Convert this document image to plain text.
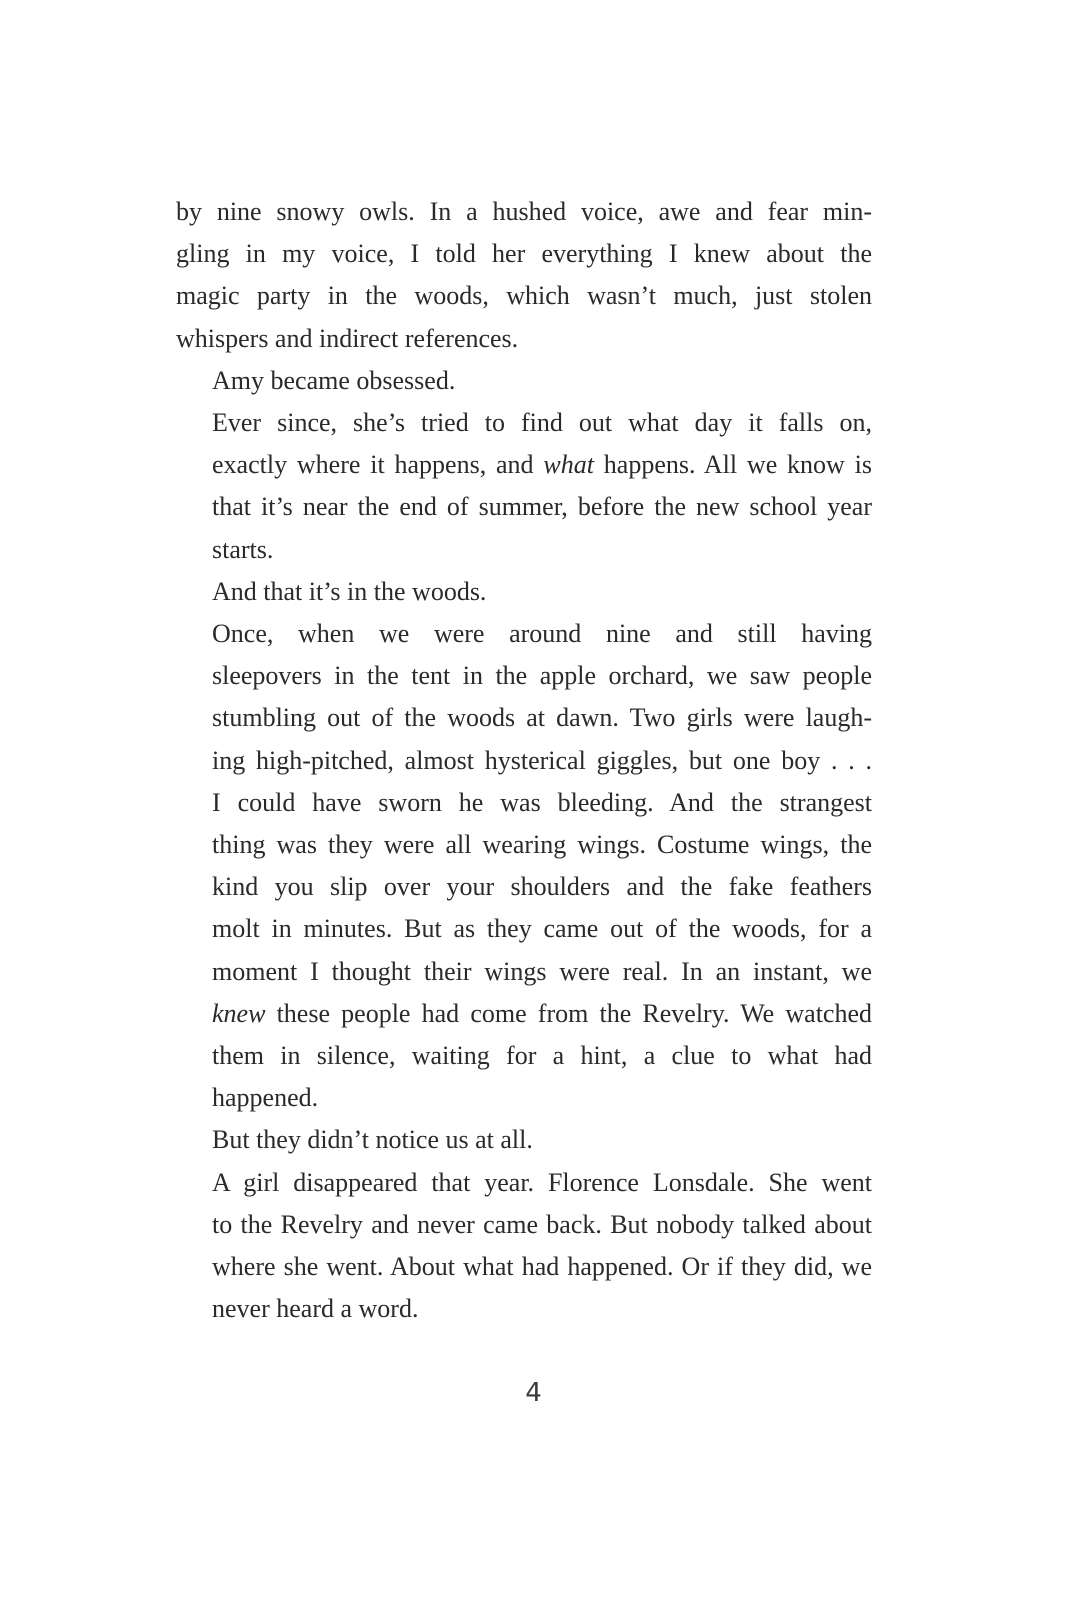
by nine snowy owls. In a hushed voice, awe and fear min-
gling in my voice, I told her everything I knew about the
magic party in the woods, which wasn’t much, just stolen
whispers and indirect references.

Amy became obsessed.

Ever since, she’s tried to find out what day it falls on,
exactly where it happens, and what happens. All we know is
that it’s near the end of summer, before the new school year
starts.

And that it’s in the woods.

Once, when we were around nine and still having
sleepovers in the tent in the apple orchard, we saw people
stumbling out of the woods at dawn. Two girls were laugh-
ing high-pitched, almost hysterical giggles, but one boy . . .
I could have sworn he was bleeding. And the strangest
thing was they were all wearing wings. Costume wings, the
kind you slip over your shoulders and the fake feathers
molt in minutes. But as they came out of the woods, for a
moment I thought their wings were real. In an instant, we
knew these people had come from the Revelry. We watched
them in silence, waiting for a hint, a clue to what had
happened.

But they didn’t notice us at all.

A girl disappeared that year. Florence Lonsdale. She went
to the Revelry and never came back. But nobody talked about
where she went. About what had happened. Or if they did, we
never heard a word.

4
